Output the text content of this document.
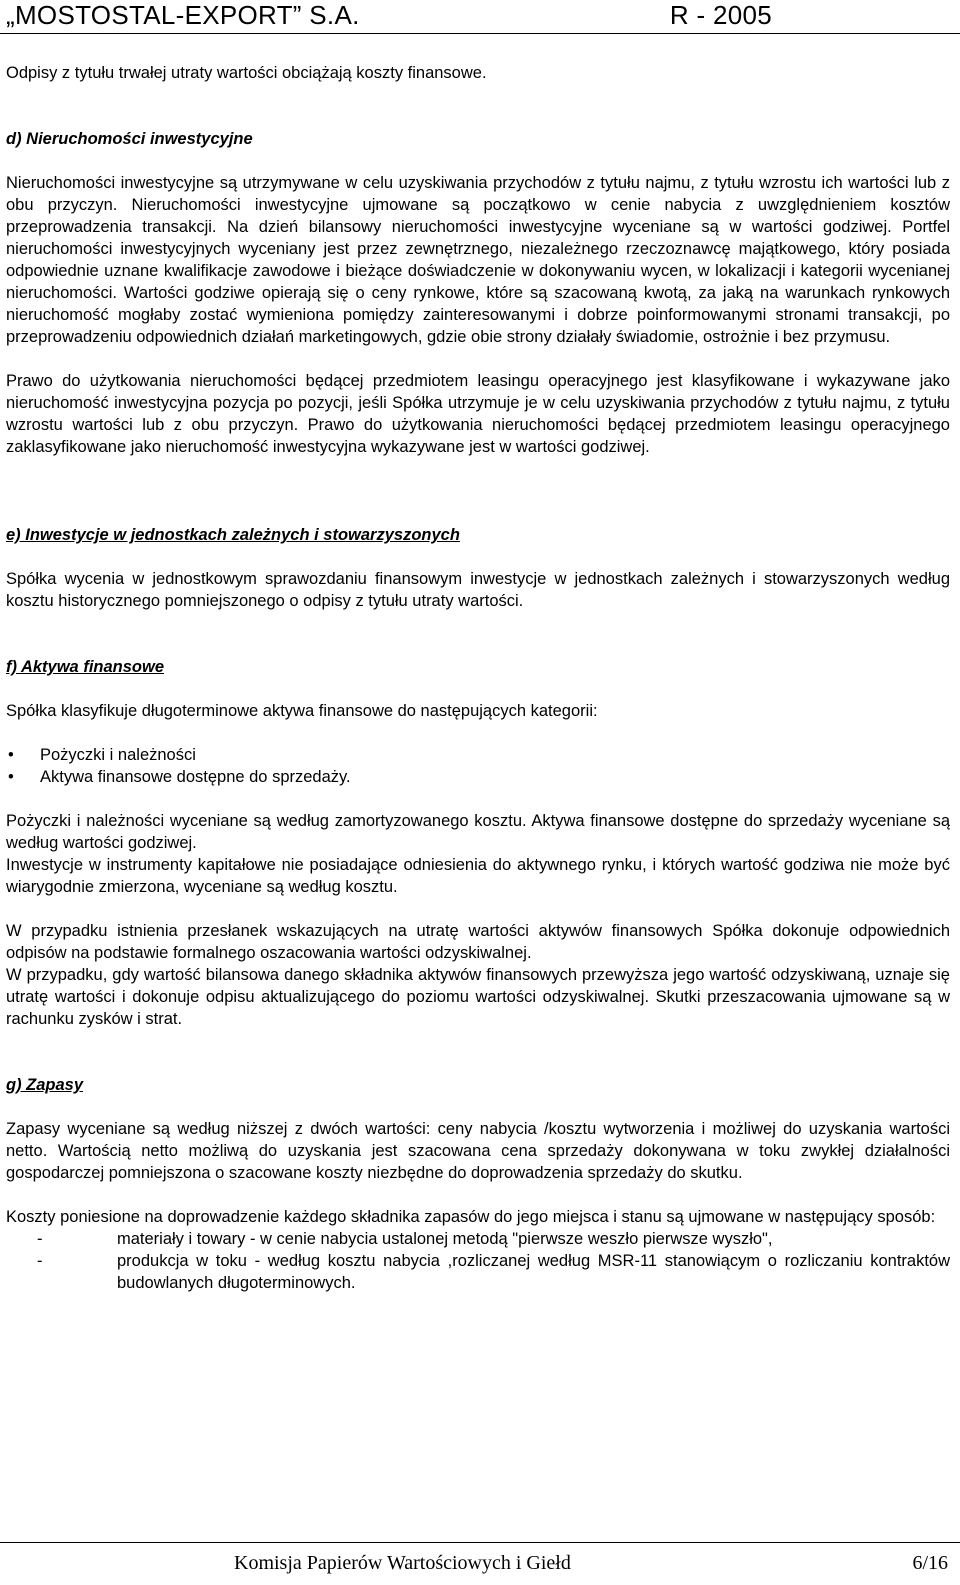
„MOSTOSTAL-EXPORT” S.A.	R - 2005

Odpisy z tytułu trwałej utraty wartości obciążają koszty finansowe.

d) Nieruchomości inwestycyjne

Nieruchomości inwestycyjne są utrzymywane w celu uzyskiwania przychodów z tytułu najmu, z tytułu wzrostu ich wartości lub z obu przyczyn. Nieruchomości inwestycyjne ujmowane są początkowo w cenie nabycia z uwzględnieniem kosztów przeprowadzenia transakcji. Na dzień bilansowy nieruchomości inwestycyjne wyceniane są w wartości godziwej. Portfel nieruchomości inwestycyjnych wyceniany jest przez zewnętrznego, niezależnego rzeczoznawcę majątkowego, który posiada odpowiednie uznane kwalifikacje zawodowe i bieżące doświadczenie w dokonywaniu wycen, w lokalizacji i kategorii wycenianej nieruchomości. Wartości godziwe opierają się o ceny rynkowe, które są szacowaną kwotą, za jaką na warunkach rynkowych nieruchomość mogłaby zostać wymieniona pomiędzy zainteresowanymi i dobrze poinformowanymi stronami transakcji, po przeprowadzeniu odpowiednich działań marketingowych, gdzie obie strony działały świadomie, ostrożnie i bez przymusu.

Prawo do użytkowania nieruchomości będącej przedmiotem leasingu operacyjnego jest klasyfikowane i wykazywane jako nieruchomość inwestycyjna pozycja po pozycji, jeśli Spółka utrzymuje je w celu uzyskiwania przychodów z tytułu najmu, z tytułu wzrostu wartości lub z obu przyczyn. Prawo do użytkowania nieruchomości będącej przedmiotem leasingu operacyjnego zaklasyfikowane jako nieruchomość inwestycyjna wykazywane jest w wartości godziwej.

e) Inwestycje w jednostkach zależnych i stowarzyszonych

Spółka wycenia w jednostkowym sprawozdaniu finansowym inwestycje w jednostkach zależnych i stowarzyszonych według kosztu historycznego pomniejszonego o odpisy z tytułu utraty wartości.

f) Aktywa finansowe

Spółka klasyfikuje długoterminowe aktywa finansowe do następujących kategorii:

• Pożyczki i należności
• Aktywa finansowe dostępne do sprzedaży.

Pożyczki i należności wyceniane są według zamortyzowanego kosztu. Aktywa finansowe dostępne do sprzedaży wyceniane są według wartości godziwej.

Inwestycje w instrumenty kapitałowe nie posiadające odniesienia do aktywnego rynku, i których wartość godziwa nie może być wiarygodnie zmierzona, wyceniane są według kosztu.

W przypadku istnienia przesłanek wskazujących na utratę wartości aktywów finansowych Spółka dokonuje odpowiednich odpisów na podstawie formalnego oszacowania wartości odzyskiwalnej.

W przypadku, gdy wartość bilansowa danego składnika aktywów finansowych przewyższa jego wartość odzyskiwaną, uznaje się utratę wartości i dokonuje odpisu aktualizującego do poziomu wartości odzyskiwalnej. Skutki przeszacowania ujmowane są w rachunku zysków i strat.

g) Zapasy

Zapasy wyceniane są według niższej z dwóch wartości: ceny nabycia /kosztu wytworzenia i możliwej do uzyskania wartości netto. Wartością netto możliwą do uzyskania jest szacowana cena sprzedaży dokonywana w toku zwykłej działalności gospodarczej pomniejszona o szacowane koszty niezbędne do doprowadzenia sprzedaży do skutku.

Koszty poniesione na doprowadzenie każdego składnika zapasów do jego miejsca i stanu są ujmowane w następujący sposób:

-	materiały i towary - w cenie nabycia ustalonej metodą "pierwsze weszło pierwsze wyszło",
-	produkcja w toku - według kosztu nabycia ,rozliczanej według MSR-11 stanowiącym o rozliczaniu kontraktów budowlanych długoterminowych.
Komisja Papierów Wartościowych i Giełd	6/16
